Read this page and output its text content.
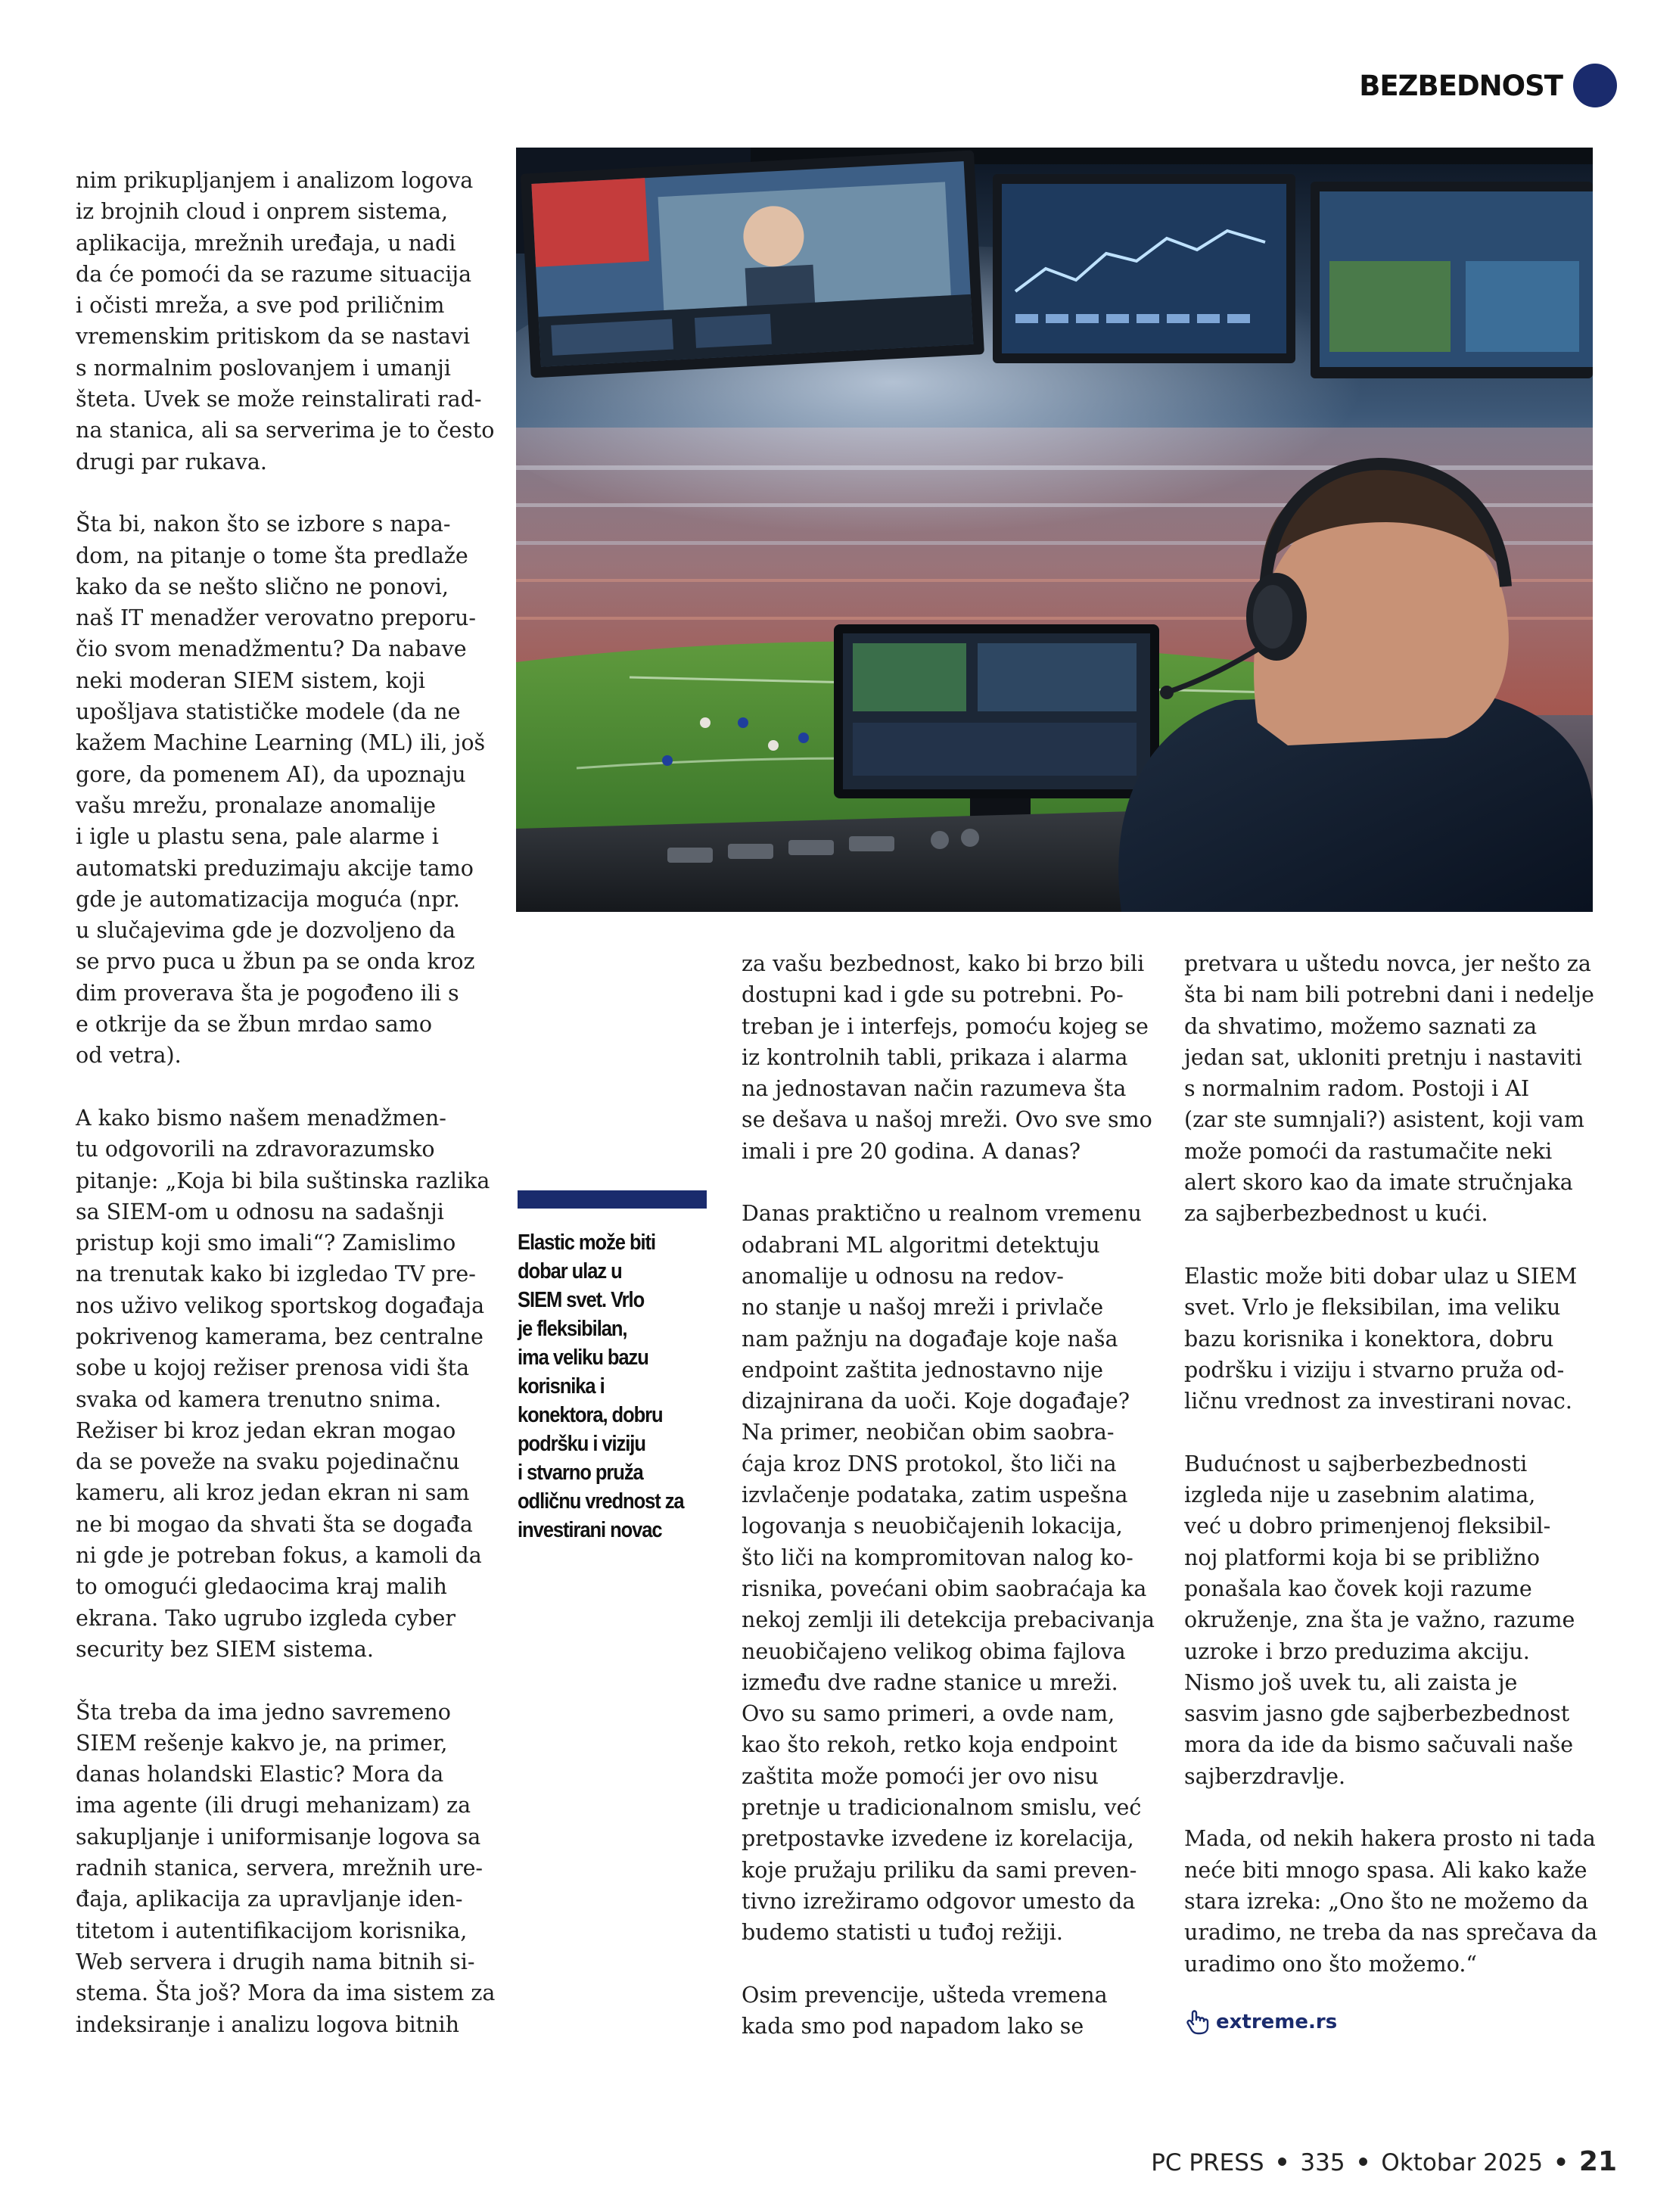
BEZBEDNOST

nim prikupljanjem i analizom logova
iz brojnih cloud i onprem sistema,
aplikacija, mrežnih uređaja, u nadi
da će pomoći da se razume situacija
i očisti mreža, a sve pod priličnim
vremenskim pritiskom da se nastavi
s normalnim poslovanjem i umanji
šteta. Uvek se može reinstalirati rad-
na stanica, ali sa serverima je to često
drugi par rukava.

Šta bi, nakon što se izbore s napa-
dom, na pitanje o tome šta predlaže
kako da se nešto slično ne ponovi,
naš IT menadžer verovatno preporu-
čio svom menadžmentu? Da nabave
neki moderan SIEM sistem, koji
upošljava statističke modele (da ne
kažem Machine Learning (ML) ili, još
gore, da pomenem AI), da upoznaju
vašu mrežu, pronalaze anomalije
i igle u plastu sena, pale alarme i
automatski preduzimaju akcije tamo
gde je automatizacija moguća (npr.
u slučajevima gde je dozvoljeno da
se prvo puca u žbun pa se onda kroz
dim proverava šta je pogođeno ili s
e otkrije da se žbun mrdao samo
od vetra).

A kako bismo našem menadžmen-
tu odgovorili na zdravorazumsko
pitanje: „Koja bi bila suštinska razlika
sa SIEM-om u odnosu na sadašnji
pristup koji smo imali“? Zamislimo
na trenutak kako bi izgledao TV pre-
nos uživo velikog sportskog događaja
pokrivenog kamerama, bez centralne
sobe u kojoj režiser prenosa vidi šta
svaka od kamera trenutno snima.
Režiser bi kroz jedan ekran mogao
da se poveže na svaku pojedinačnu
kameru, ali kroz jedan ekran ni sam
ne bi mogao da shvati šta se događa
ni gde je potreban fokus, a kamoli da
to omogući gledaocima kraj malih
ekrana. Tako ugrubo izgleda cyber
security bez SIEM sistema.

Šta treba da ima jedno savremeno
SIEM rešenje kakvo je, na primer,
danas holandski Elastic? Mora da
ima agente (ili drugi mehanizam) za
sakupljanje i uniformisanje logova sa
radnih stanica, servera, mrežnih ure-
đaja, aplikacija za upravljanje iden-
titetom i autentifikacijom korisnika,
Web servera i drugih nama bitnih si-
stema. Šta još? Mora da ima sistem za
indeksiranje i analizu logova bitnih

Elastic može biti
dobar ulaz u
SIEM svet. Vrlo
je fleksibilan,
ima veliku bazu
korisnika i
konektora, dobru
podršku i viziju
i stvarno pruža
odličnu vrednost za
investirani novac

za vašu bezbednost, kako bi brzo bili
dostupni kad i gde su potrebni. Po-
treban je i interfejs, pomoću kojeg se
iz kontrolnih tabli, prikaza i alarma
na jednostavan način razumeva šta
se dešava u našoj mreži. Ovo sve smo
imali i pre 20 godina. A danas?

Danas praktično u realnom vremenu
odabrani ML algoritmi detektuju
anomalije u odnosu na redov-
no stanje u našoj mreži i privlače
nam pažnju na događaje koje naša
endpoint zaštita jednostavno nije
dizajnirana da uoči. Koje događaje?
Na primer, neobičan obim saobra-
ćaja kroz DNS protokol, što liči na
izvlačenje podataka, zatim uspešna
logovanja s neuobičajenih lokacija,
što liči na kompromitovan nalog ko-
risnika, povećani obim saobraćaja ka
nekoj zemlji ili detekcija prebacivanja
neuobičajeno velikog obima fajlova
između dve radne stanice u mreži.
Ovo su samo primeri, a ovde nam,
kao što rekoh, retko koja endpoint
zaštita može pomoći jer ovo nisu
pretnje u tradicionalnom smislu, već
pretpostavke izvedene iz korelacija,
koje pružaju priliku da sami preven-
tivno izrežiramo odgovor umesto da
budemo statisti u tuđoj režiji.

Osim prevencije, ušteda vremena
kada smo pod napadom lako se

pretvara u uštedu novca, jer nešto za
šta bi nam bili potrebni dani i nedelje
da shvatimo, možemo saznati za
jedan sat, ukloniti pretnju i nastaviti
s normalnim radom. Postoji i AI
(zar ste sumnjali?) asistent, koji vam
može pomoći da rastumačite neki
alert skoro kao da imate stručnjaka
za sajberbezbednost u kući.

Elastic može biti dobar ulaz u SIEM
svet. Vrlo je fleksibilan, ima veliku
bazu korisnika i konektora, dobru
podršku i viziju i stvarno pruža od-
ličnu vrednost za investirani novac.

Budućnost u sajberbezbednosti
izgleda nije u zasebnim alatima,
već u dobro primenjenoj fleksibil-
noj platformi koja bi se približno
ponašala kao čovek koji razume
okruženje, zna šta je važno, razume
uzroke i brzo preduzima akciju.
Nismo još uvek tu, ali zaista je
sasvim jasno gde sajberbezbednost
mora da ide da bismo sačuvali naše
sajberzdravlje.

Mada, od nekih hakera prosto ni tada
neće biti mnogo spasa. Ali kako kaže
stara izreka: „Ono što ne možemo da
uradimo, ne treba da nas sprečava da
uradimo ono što možemo.“

extreme.rs
PC PRESS • 335 • Oktobar 2025 • 21
